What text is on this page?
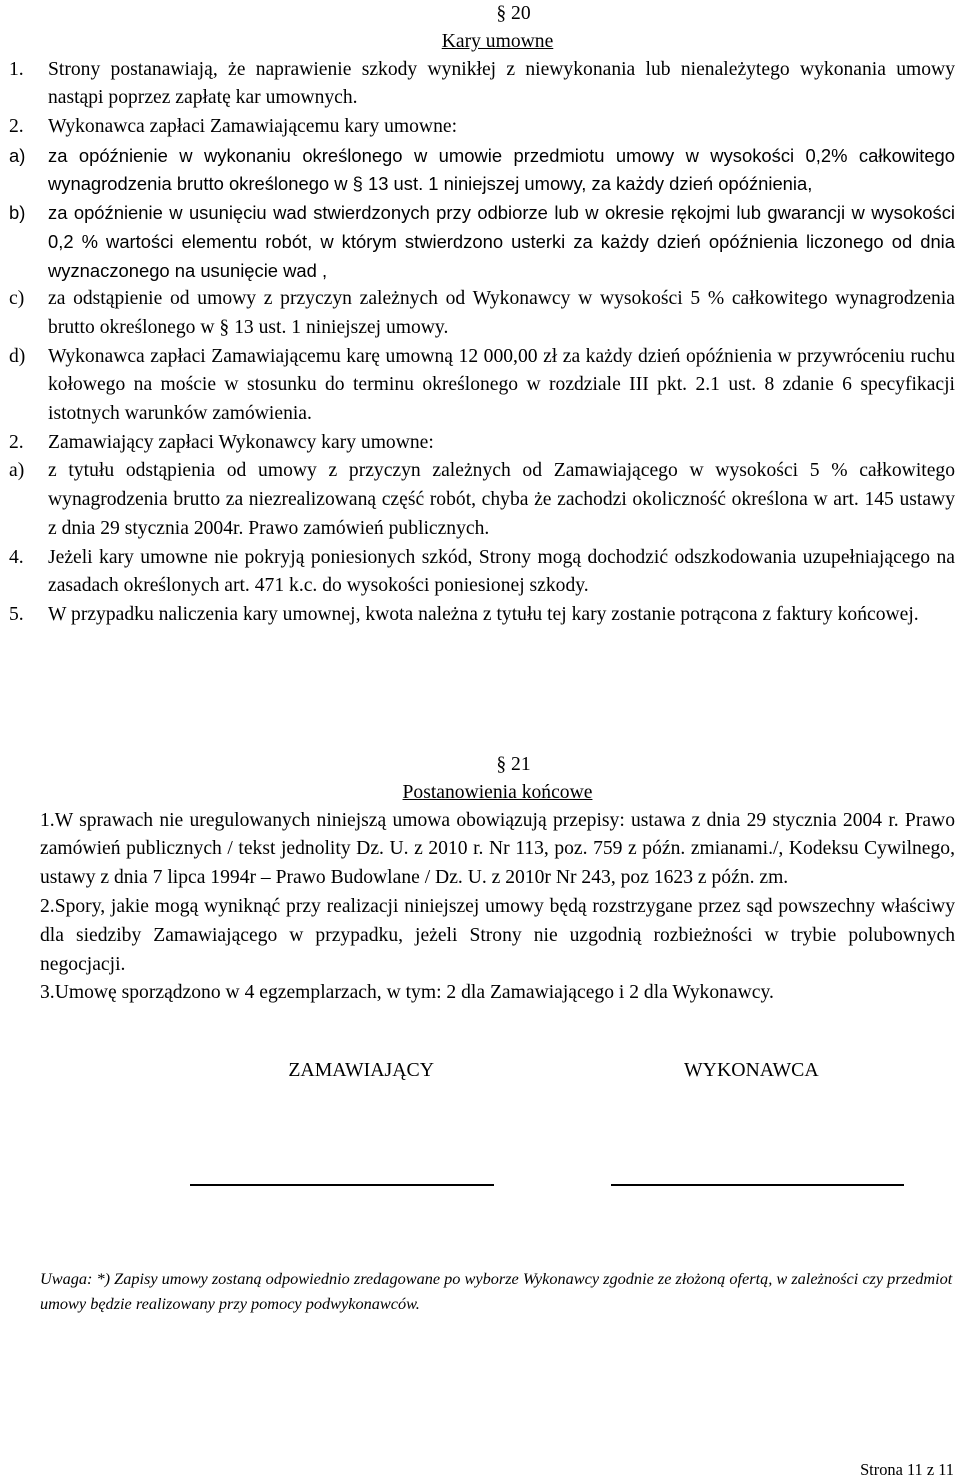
§ 20
Kary umowne
1.	Strony postanawiają, że naprawienie szkody wynikłej z niewykonania lub nienależytego wykonania umowy nastąpi poprzez zapłatę kar umownych.
2.	Wykonawca zapłaci Zamawiającemu kary umowne:
a)	za opóźnienie w wykonaniu określonego w umowie przedmiotu umowy w wysokości 0,2% całkowitego wynagrodzenia brutto określonego w § 13 ust. 1 niniejszej umowy, za każdy dzień opóźnienia,
b)	za opóźnienie w usunięciu wad stwierdzonych przy odbiorze lub w okresie rękojmi lub gwarancji w wysokości 0,2 % wartości elementu robót, w którym stwierdzono usterki za każdy dzień opóźnienia liczonego od dnia wyznaczonego na usunięcie wad ,
c)	za odstąpienie od umowy z przyczyn zależnych od Wykonawcy w wysokości 5 % całkowitego wynagrodzenia brutto określonego w § 13 ust. 1 niniejszej umowy.
d)	Wykonawca zapłaci Zamawiającemu karę umowną 12 000,00 zł za każdy dzień opóźnienia w przywróceniu ruchu kołowego na moście w stosunku do terminu określonego w rozdziale III pkt. 2.1 ust. 8 zdanie 6 specyfikacji istotnych warunków zamówienia.
2.	Zamawiający zapłaci Wykonawcy kary umowne:
a)	z tytułu odstąpienia od umowy z przyczyn zależnych od Zamawiającego w wysokości 5 % całkowitego wynagrodzenia brutto za niezrealizowaną część robót, chyba że zachodzi okoliczność określona w art. 145 ustawy z dnia 29 stycznia 2004r. Prawo zamówień publicznych.
4.	Jeżeli kary umowne nie pokryją poniesionych szkód, Strony mogą dochodzić odszkodowania uzupełniającego na zasadach określonych art. 471 k.c. do wysokości poniesionej szkody.
5.	W przypadku naliczenia kary umownej, kwota należna z tytułu tej kary zostanie potrącona z faktury końcowej.
§ 21
Postanowienia końcowe
1.W sprawach nie uregulowanych niniejszą umowa obowiązują przepisy: ustawa z dnia 29 stycznia 2004 r. Prawo zamówień publicznych / tekst jednolity Dz. U. z 2010 r. Nr 113, poz. 759 z późn. zmianami./, Kodeksu Cywilnego, ustawy z dnia 7 lipca 1994r – Prawo Budowlane / Dz. U. z 2010r Nr 243, poz 1623 z późn. zm.
2.Spory, jakie mogą wyniknąć przy realizacji niniejszej umowy będą rozstrzygane przez sąd powszechny właściwy dla siedziby Zamawiającego w przypadku, jeżeli Strony nie uzgodnią rozbieżności w trybie polubownych negocjacji.
3.Umowę sporządzono w 4 egzemplarzach, w tym: 2 dla Zamawiającego i 2 dla Wykonawcy.
ZAMAWIAJĄCY	WYKONAWCA
Uwaga: *) Zapisy umowy zostaną odpowiednio zredagowane po wyborze Wykonawcy zgodnie ze złożoną ofertą, w zależności czy przedmiot umowy będzie realizowany przy pomocy podwykonawców.
Strona 11 z 11
